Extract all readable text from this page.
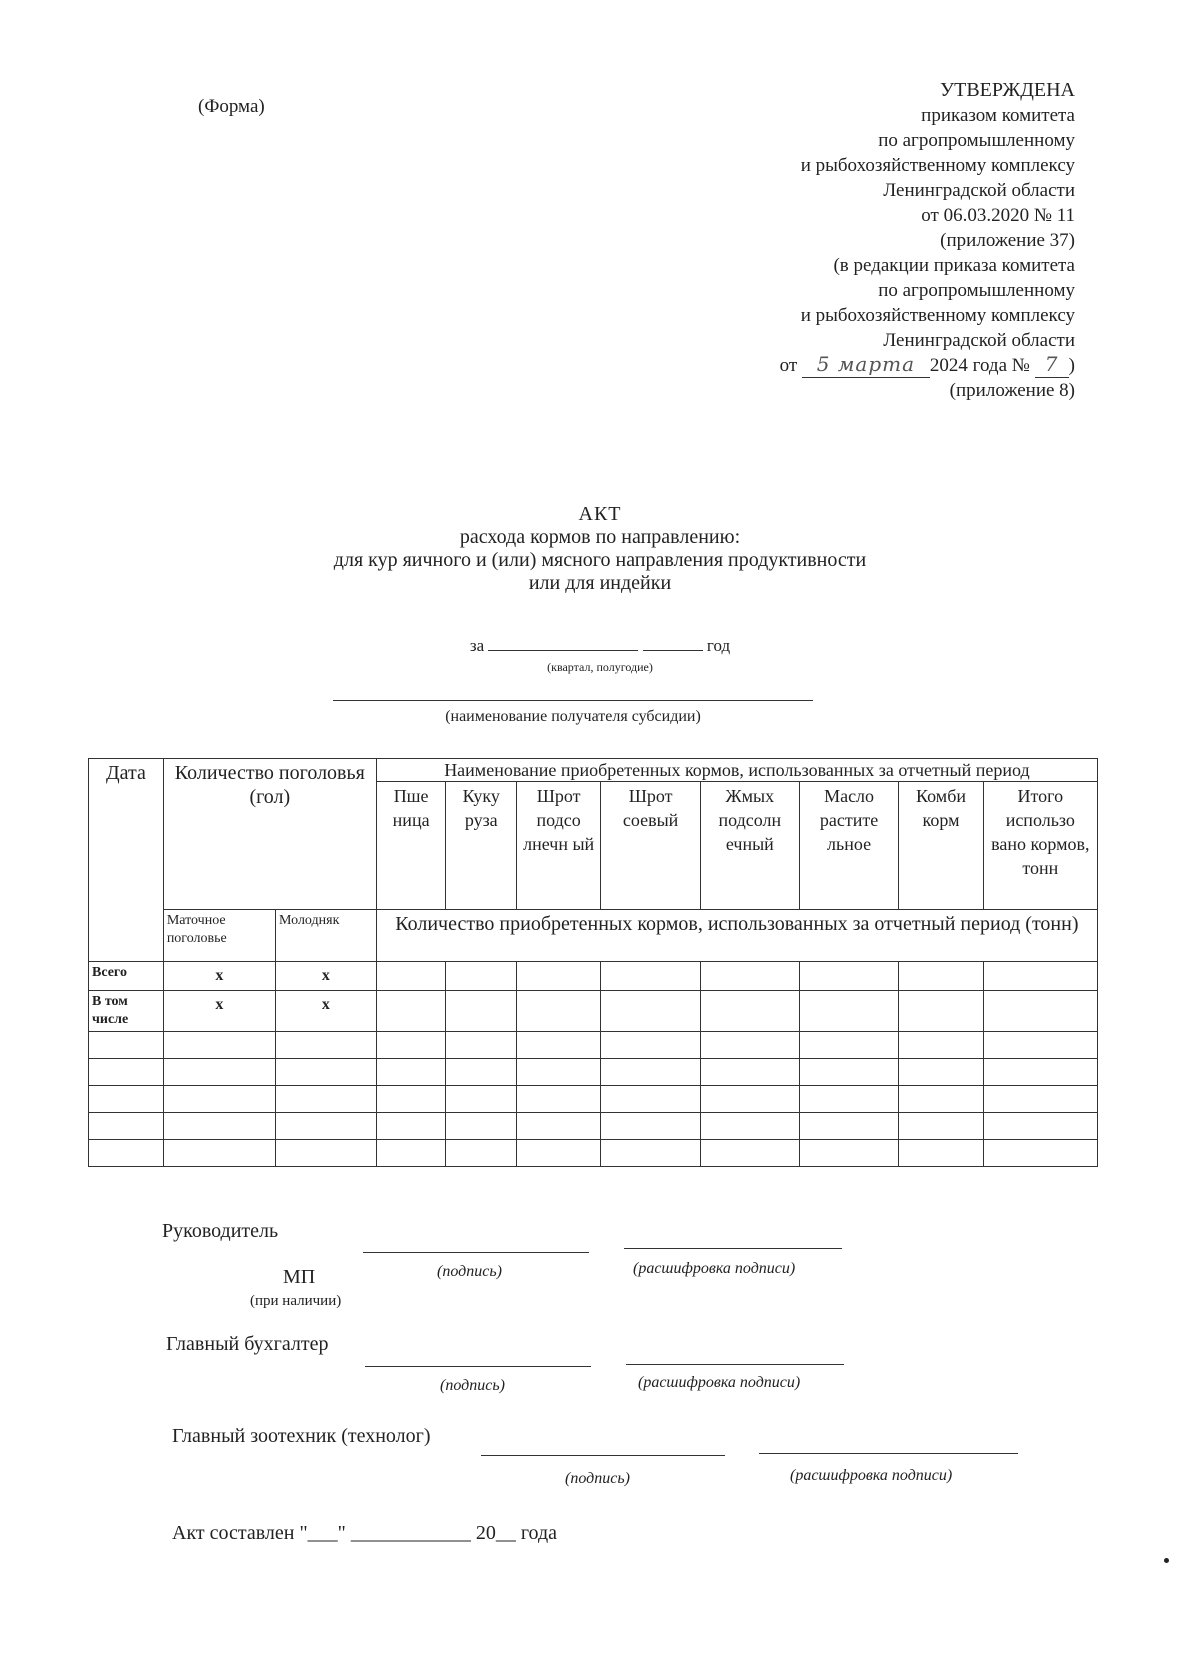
(Форма)
УТВЕРЖДЕНА
приказом комитета
по агропромышленному
и рыбохозяйственному комплексу
Ленинградской области
от 06.03.2020 № 11
(приложение 37)
(в редакции приказа комитета
по агропромышленному
и рыбохозяйственному комплексу
Ленинградской области
от 5 марта 2024 года № 7 )
(приложение 8)
АКТ
расхода кормов по направлению:
для кур яичного и (или) мясного направления продуктивности
или для индейки
за	год
(квартал, полугодие)
(наименование получателя субсидии)
Дата	Количество поголовья (гол)		Наименование приобретенных кормов, использованных за отчетный период							
			Пше ница	Куку руза	Шрот подсо лнечн ый	Шрот соевый	Жмых подсолн ечный	Масло растите льное	Комби корм	Итого использо вано кормов, тонн
	Маточное поголовье	Молодняк	Количество приобретенных кормов, использованных за отчетный период (тонн)							
Всего	x	x								
В том числе	x	x								

Руководитель
(подпись)	(расшифровка подписи)
МП
(при наличии)
Главный бухгалтер
(подпись)	(расшифровка подписи)
Главный зоотехник (технолог)
(подпись)	(расшифровка подписи)
Акт составлен "___" ____________ 20__ года
